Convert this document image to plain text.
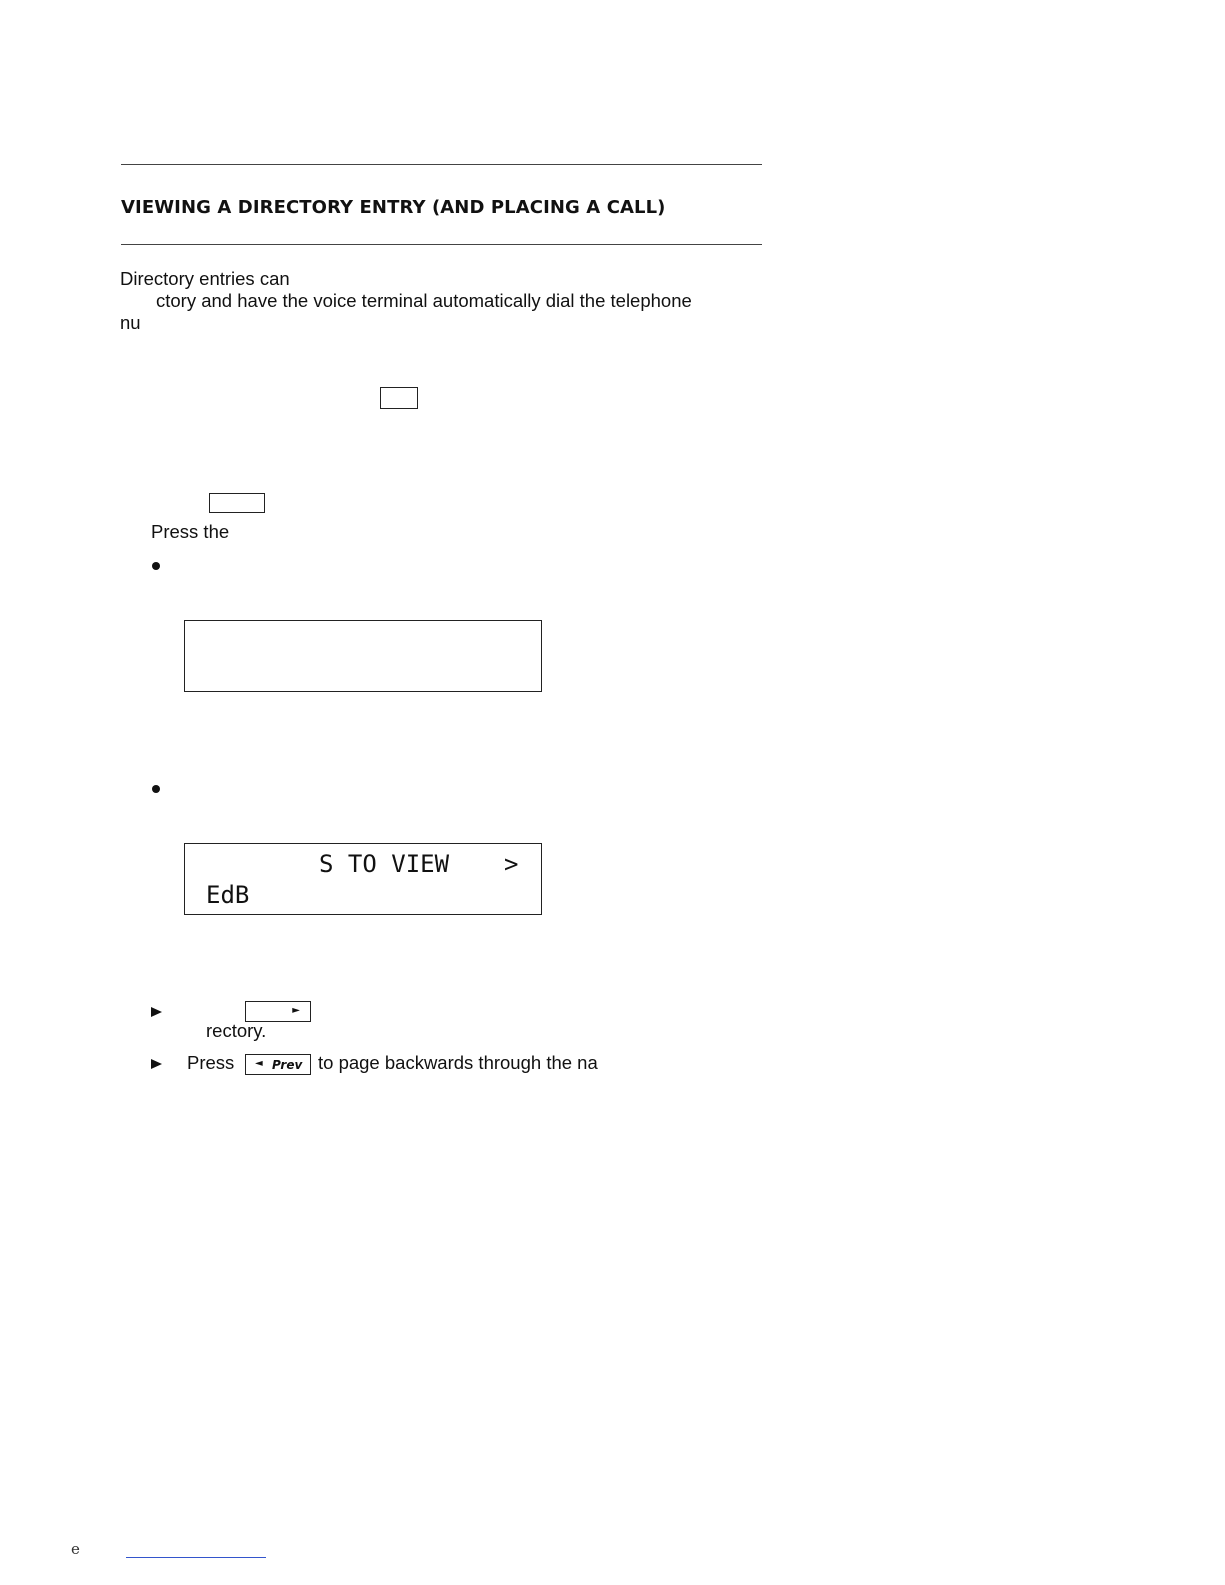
VIEWING A DIRECTORY ENTRY (AND PLACING A CALL)
Directory entries can
ctory and have the voice terminal automatically dial the telephone
nu
Press the
S TO VIEW >
EdB
►
rectory.
Press ◄ Prev to page backwards through the na
e
